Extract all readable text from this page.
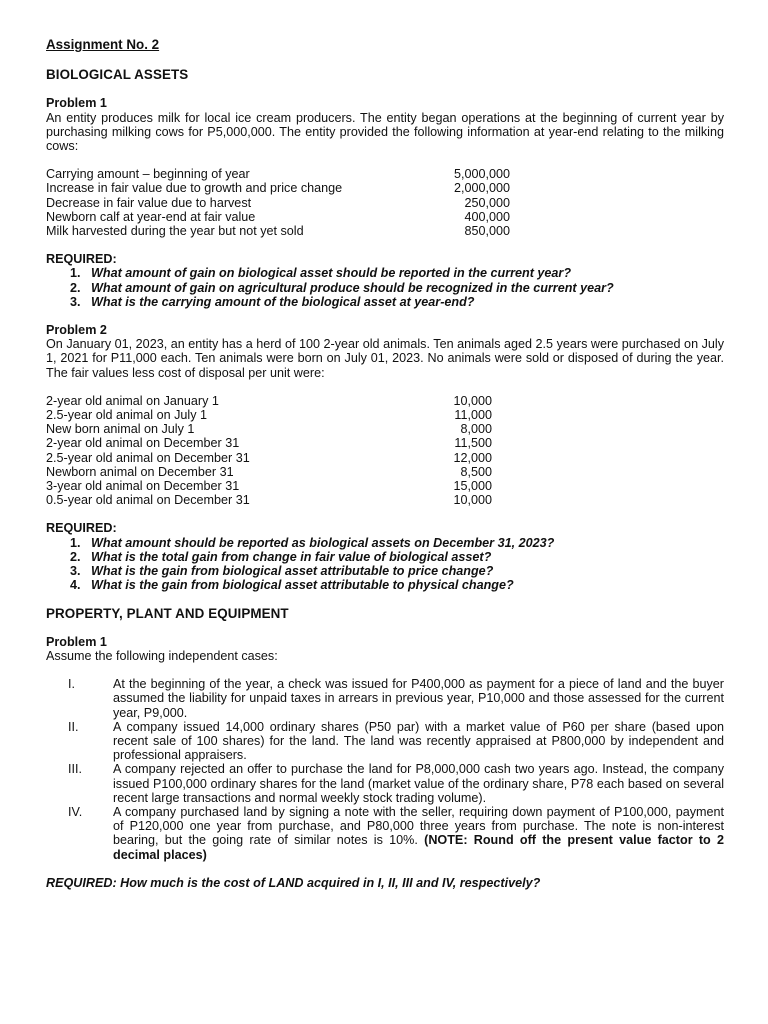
Assignment No. 2
BIOLOGICAL ASSETS
Problem 1
An entity produces milk for local ice cream producers. The entity began operations at the beginning of current year by purchasing milking cows for P5,000,000. The entity provided the following information at year-end relating to the milking cows:
Carrying amount – beginning of year	5,000,000
Increase in fair value due to growth and price change	2,000,000
Decrease in fair value due to harvest	250,000
Newborn calf at year-end at fair value	400,000
Milk harvested during the year but not yet sold	850,000
REQUIRED:
1. What amount of gain on biological asset should be reported in the current year?
2. What amount of gain on agricultural produce should be recognized in the current year?
3. What is the carrying amount of the biological asset at year-end?
Problem 2
On January 01, 2023, an entity has a herd of 100 2-year old animals. Ten animals aged 2.5 years were purchased on July 1, 2021 for P11,000 each. Ten animals were born on July 01, 2023. No animals were sold or disposed of during the year. The fair values less cost of disposal per unit were:
2-year old animal on January 1	10,000
2.5-year old animal on July 1	11,000
New born animal on July 1	8,000
2-year old animal on December 31	11,500
2.5-year old animal on December 31	12,000
Newborn animal on December 31	8,500
3-year old animal on December 31	15,000
0.5-year old animal on December 31	10,000
REQUIRED:
1. What amount should be reported as biological assets on December 31, 2023?
2. What is the total gain from change in fair value of biological asset?
3. What is the gain from biological asset attributable to price change?
4. What is the gain from biological asset attributable to physical change?
PROPERTY, PLANT AND EQUIPMENT
Problem 1
Assume the following independent cases:
I.	At the beginning of the year, a check was issued for P400,000 as payment for a piece of land and the buyer assumed the liability for unpaid taxes in arrears in previous year, P10,000 and those assessed for the current year, P9,000.
II.	A company issued 14,000 ordinary shares (P50 par) with a market value of P60 per share (based upon recent sale of 100 shares) for the land. The land was recently appraised at P800,000 by independent and professional appraisers.
III.	A company rejected an offer to purchase the land for P8,000,000 cash two years ago. Instead, the company issued P100,000 ordinary shares for the land (market value of the ordinary share, P78 each based on several recent large transactions and normal weekly stock trading volume).
IV.	A company purchased land by signing a note with the seller, requiring down payment of P100,000, payment of P120,000 one year from purchase, and P80,000 three years from purchase. The note is non-interest bearing, but the going rate of similar notes is 10%. (NOTE: Round off the present value factor to 2 decimal places)
REQUIRED: How much is the cost of LAND acquired in I, II, III and IV, respectively?
